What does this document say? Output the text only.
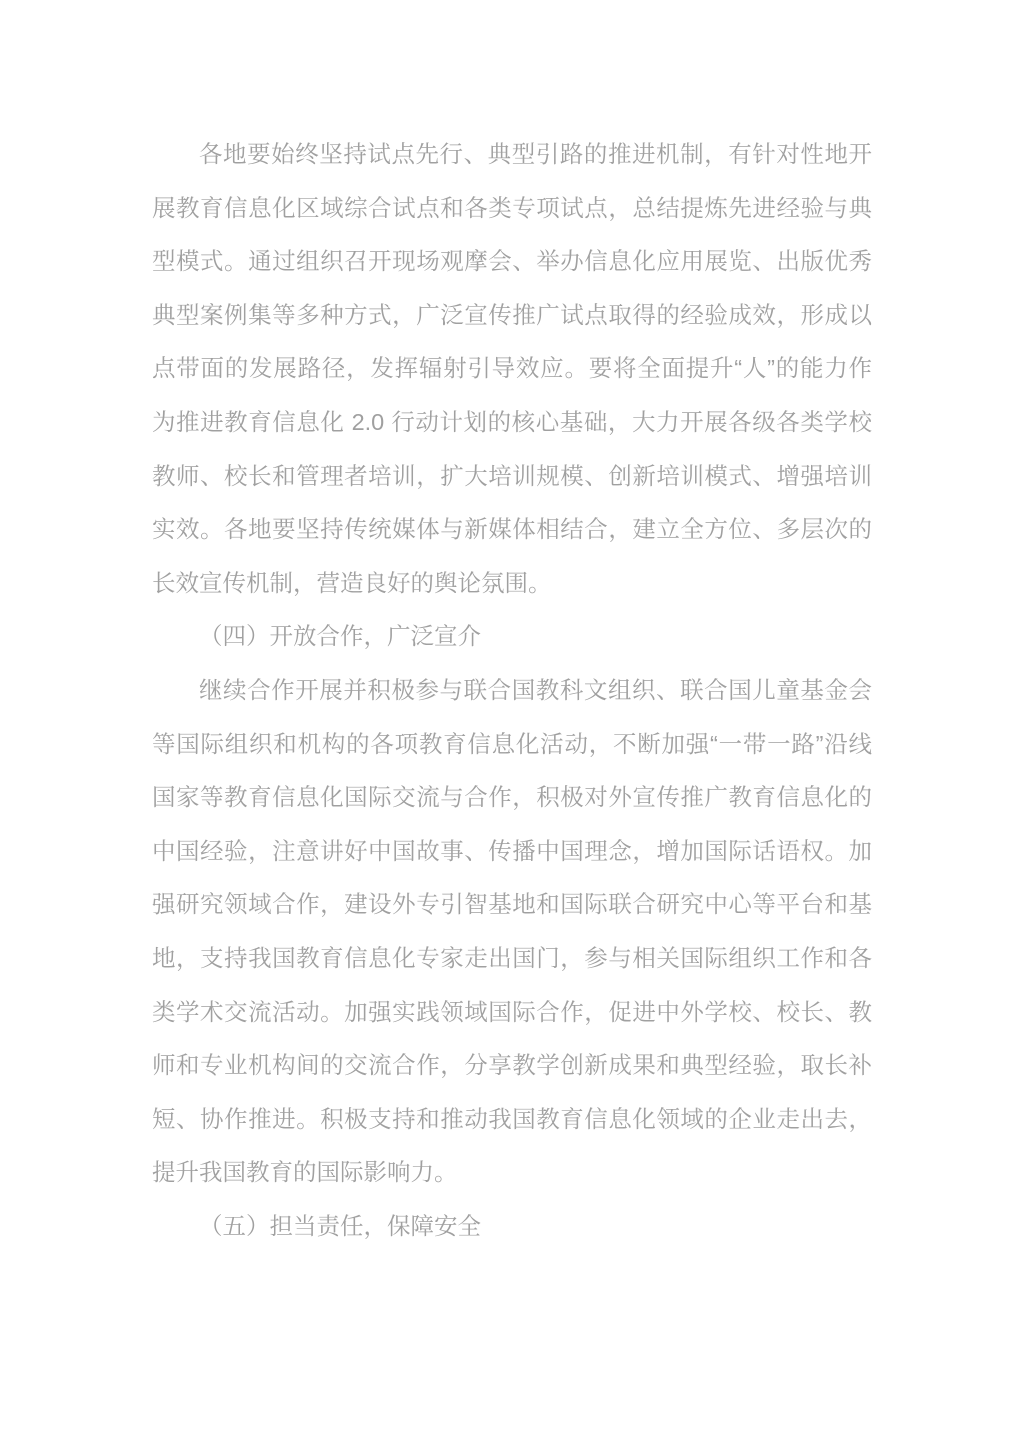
各地要始终坚持试点先行、典型引路的推进机制，有针对性地开展教育信息化区域综合试点和各类专项试点，总结提炼先进经验与典型模式。通过组织召开现场观摩会、举办信息化应用展览、出版优秀典型案例集等多种方式，广泛宣传推广试点取得的经验成效，形成以点带面的发展路径，发挥辐射引导效应。要将全面提升“人”的能力作为推进教育信息化 2.0 行动计划的核心基础，大力开展各级各类学校教师、校长和管理者培训，扩大培训规模、创新培训模式、增强培训实效。各地要坚持传统媒体与新媒体相结合，建立全方位、多层次的长效宣传机制，营造良好的舆论氛围。

（四）开放合作，广泛宣介

继续合作开展并积极参与联合国教科文组织、联合国儿童基金会等国际组织和机构的各项教育信息化活动，不断加强“一带一路”沿线国家等教育信息化国际交流与合作，积极对外宣传推广教育信息化的中国经验，注意讲好中国故事、传播中国理念，增加国际话语权。加强研究领域合作，建设外专引智基地和国际联合研究中心等平台和基地，支持我国教育信息化专家走出国门，参与相关国际组织工作和各类学术交流活动。加强实践领域国际合作，促进中外学校、校长、教师和专业机构间的交流合作，分享教学创新成果和典型经验，取长补短、协作推进。积极支持和推动我国教育信息化领域的企业走出去，提升我国教育的国际影响力。

（五）担当责任，保障安全
